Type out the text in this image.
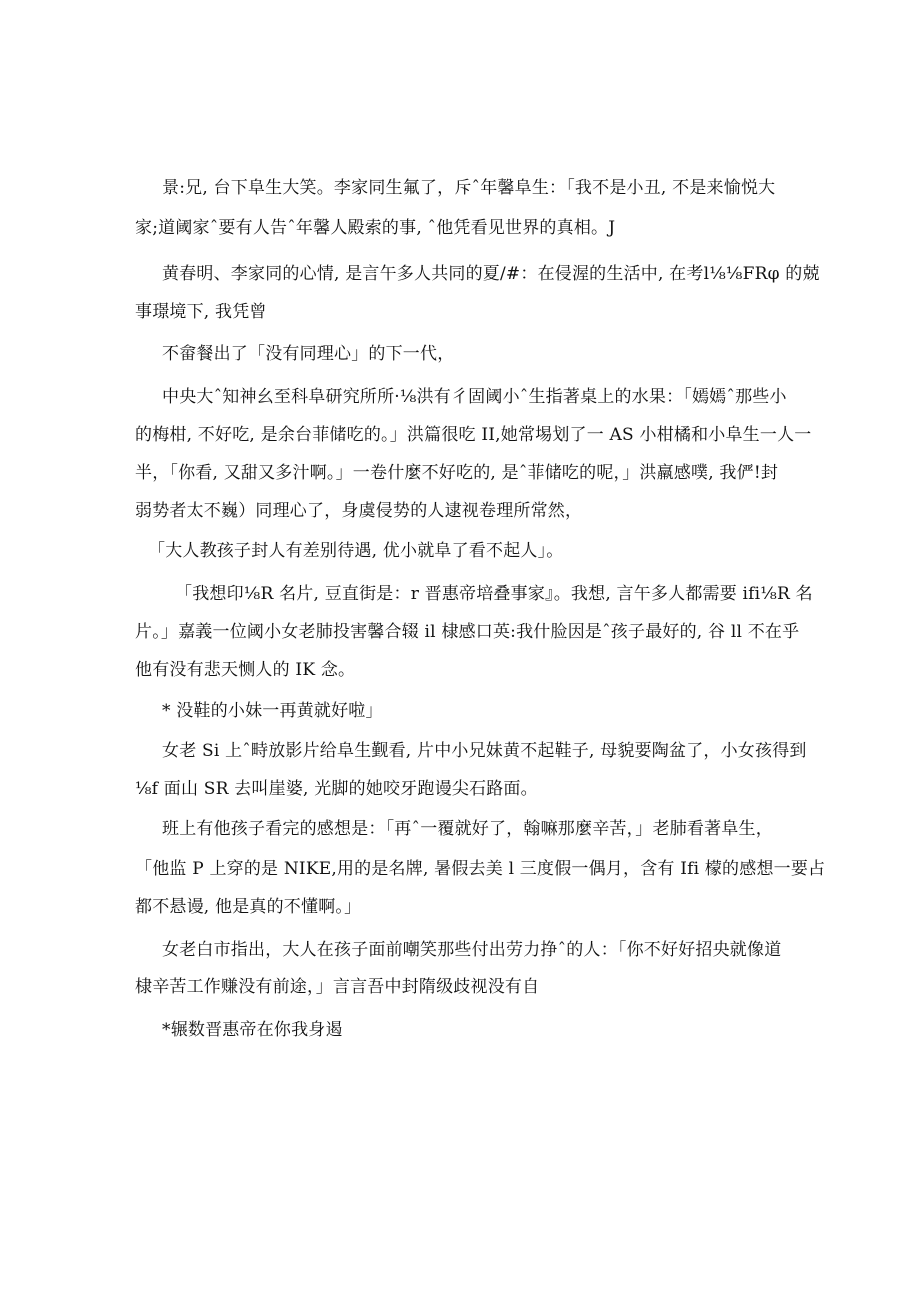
景:兄, 台下阜生大笑。李家同生氟了，斥ˆ年馨阜生：「我不是小丑, 不是来愉悦大
家;道阈家ˆ要有人告ˆ年馨人殿索的事, ˆ他凭看见世界的真相。J
黄春明、李家同的心情, 是言午多人共同的夏/#：在侵渥的生活中, 在考l⅛⅛FRφ 的兢
事璟境下, 我凭曾
不畲餐出了「没有同理心」的下一代，
中央大ˆ知神幺至科阜研究所所·⅛洪有彳固阈小ˆ生指著桌上的水果：「嫣嫣ˆ那些小
的梅柑, 不好吃, 是余台菲储吃的。」洪篇很吃 II,她常埸划了一 AS 小柑橘和小阜生一人一
半，「你看, 又甜又多汁啊。」一卷什麼不好吃的, 是ˆ菲储吃的呢，」洪羸感噗, 我俨!封
弱势者太不巍）同理心了，身虞侵势的人逮视卷理所常然，
「大人教孩子封人有差别待遇, 优小就阜了看不起人」。
「我想印⅛R 名片, 豆直街是：r 晋惠帝培叠事家』。我想, 言午多人都需要 ifi⅛R 名
片。」嘉義一位阈小女老肺投害馨合辍 il 棣感口英:我什脸因是ˆ孩子最好的, 谷 ll 不在乎
他有没有悲天恻人的 IK 念。
* 没鞋的小妹一再黄就好啦」
女老 Si 上ˆ畤放影片给阜生觐看, 片中小兄妹黄不起鞋子, 母貌要陶盆了，小女孩得到
⅛f 面山 SR 去叫崖婆, 光脚的她咬牙跑谩尖石路面。
班上有他孩子看完的感想是：「再ˆ一覆就好了，翰嘛那麼辛苦，」老肺看著阜生，
「他监 P 上穿的是 NIKE,用的是名牌, 暑假去美 l 三度假一偶月，含有 Ifi 檬的感想一要占
都不悬谩, 他是真的不懂啊。」
女老白市指出，大人在孩子面前嘲笑那些付出劳力挣ˆ的人：「你不好好招央就像道
棣辛苦工作赚没有前途，」言言吾中封隋级歧视没有自
*辗数晋惠帝在你我身遏
